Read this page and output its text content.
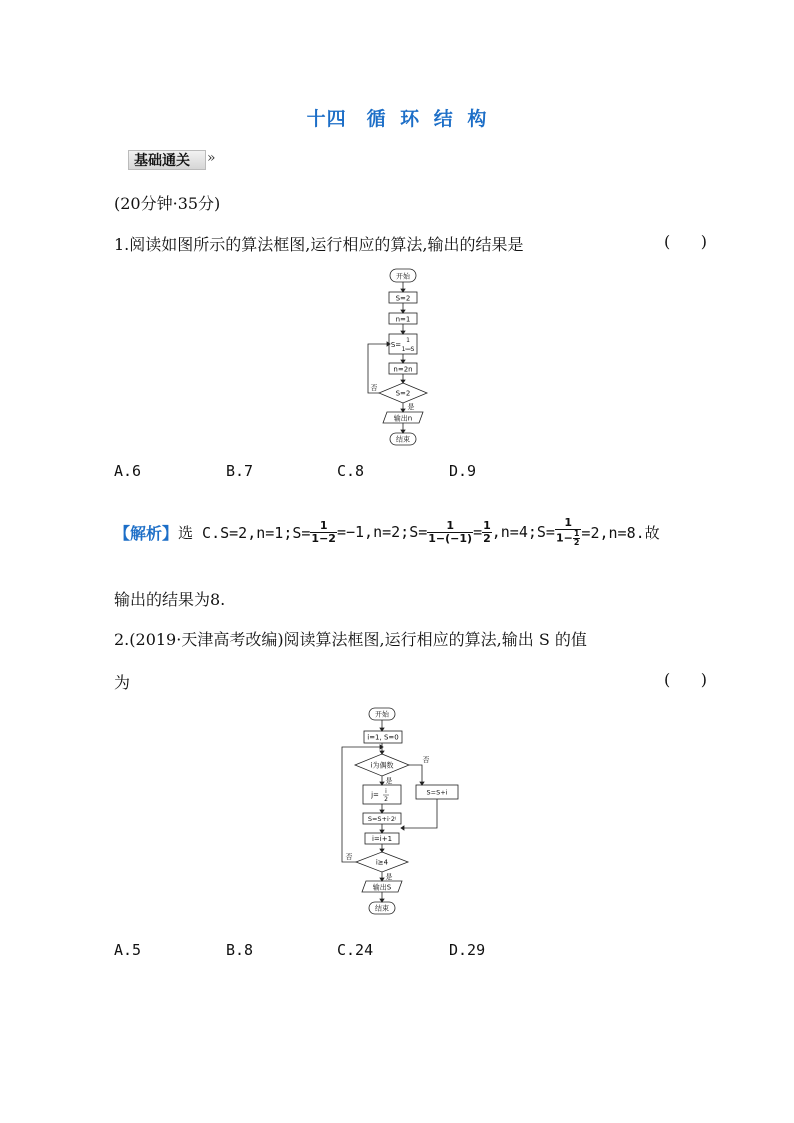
十四　循 环 结 构
基础通关 »
(20分钟·35分)
1.阅读如图所示的算法框图,运行相应的算法,输出的结果是	(      )
开始
S=2
n=1
S=
1
1−S
n=2n
S=2
否
是
输出n
结束
A.6	B.7	C.8	D.9
【解析】 选 C.S=2,n=1;S= $\frac{1}{1-2}$ =−1,n=2;S= $\frac{1}{1-(-1)} = \frac{1}{2}$ ,n=4;S= $\frac{1}{1- \frac{1}{2}} =2,n=8$.故
输出的结果为8.
2.(2019·天津高考改编)阅读算法框图,运行相应的算法,输出 S 的值
为	(      )
开始
i=1, S=0
i为偶数
否
是
j= i
2
S=S+i·2ʲ
S=S+i
i=i+1
i≥4
否
是
输出S
结束
A.5	B.8	C.24	D.29
